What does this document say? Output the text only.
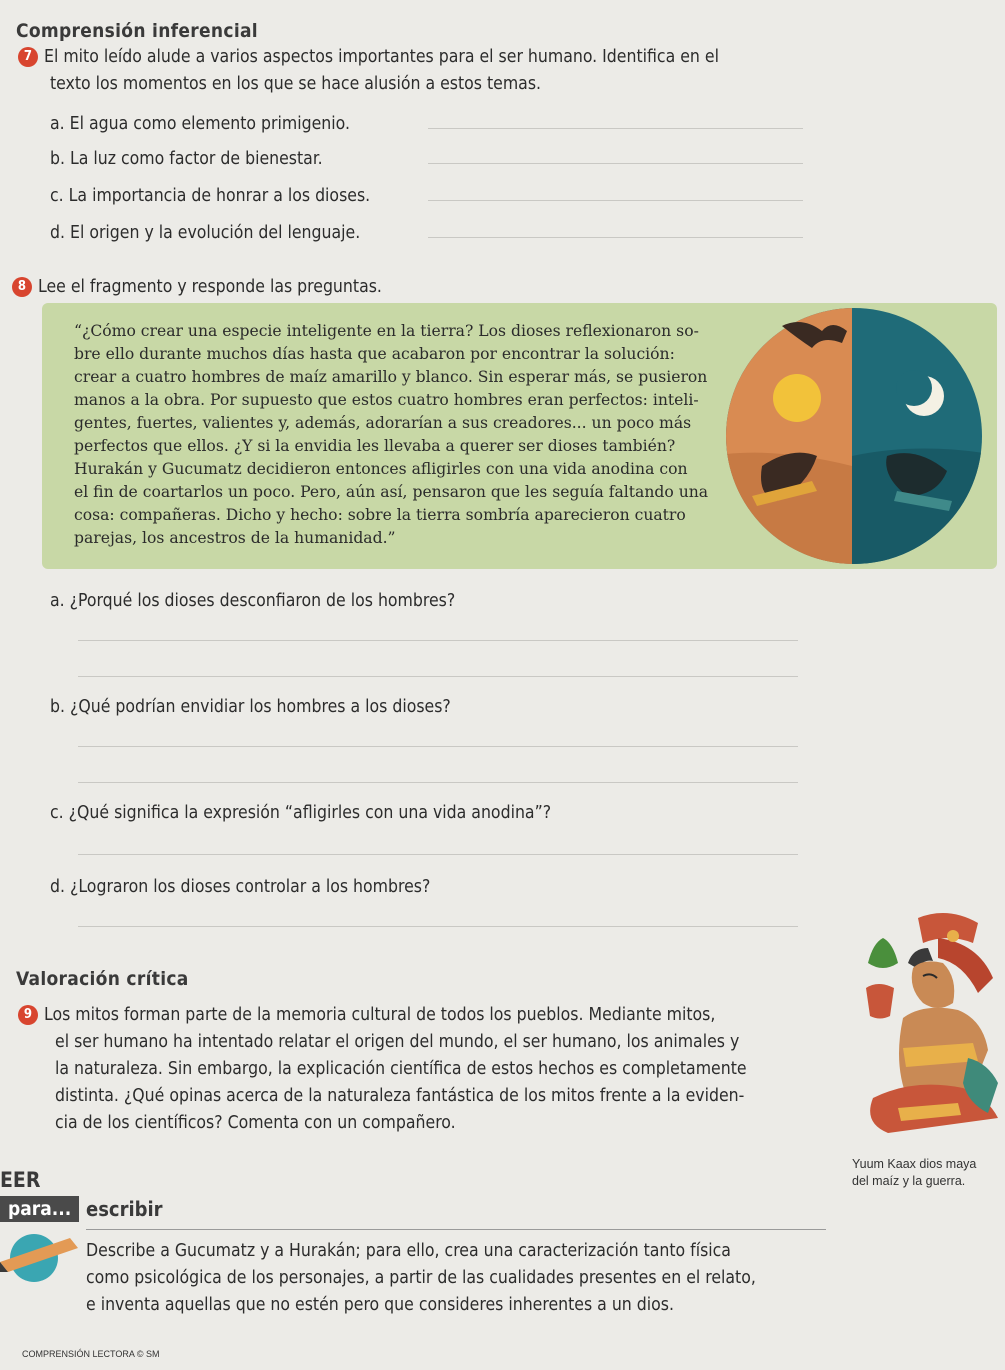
Comprensión inferencial
7 El mito leído alude a varios aspectos importantes para el ser humano. Identifica en el
texto los momentos en los que se hace alusión a estos temas.
a. El agua como elemento primigenio.
b. La luz como factor de bienestar.
c. La importancia de honrar a los dioses.
d. El origen y la evolución del lenguaje.
8 Lee el fragmento y responde las preguntas.
“¿Cómo crear una especie inteligente en la tierra? Los dioses reflexionaron so-
bre ello durante muchos días hasta que acabaron por encontrar la solución:
crear a cuatro hombres de maíz amarillo y blanco. Sin esperar más, se pusieron
manos a la obra. Por supuesto que estos cuatro hombres eran perfectos: inteli-
gentes, fuertes, valientes y, además, adorarían a sus creadores... un poco más
perfectos que ellos. ¿Y si la envidia les llevaba a querer ser dioses también?
Hurakán y Gucumatz decidieron entonces afligirles con una vida anodina con
el fin de coartarlos un poco. Pero, aún así, pensaron que les seguía faltando una
cosa: compañeras. Dicho y hecho: sobre la tierra sombría aparecieron cuatro
parejas, los ancestros de la humanidad.”
a. ¿Porqué los dioses desconfiaron de los hombres?
b. ¿Qué podrían envidiar los hombres a los dioses?
c. ¿Qué significa la expresión “afligirles con una vida anodina”?
d. ¿Lograron los dioses controlar a los hombres?
Valoración crítica
9 Los mitos forman parte de la memoria cultural de todos los pueblos. Mediante mitos,
el ser humano ha intentado relatar el origen del mundo, el ser humano, los animales y
la naturaleza. Sin embargo, la explicación científica de estos hechos es completamente
distinta. ¿Qué opinas acerca de la naturaleza fantástica de los mitos frente a la eviden-
cia de los científicos? Comenta con un compañero.
Yuum Kaax dios maya
del maíz y la guerra.
EER
para... escribir
Describe a Gucumatz y a Hurakán; para ello, crea una caracterización tanto física
como psicológica de los personajes, a partir de las cualidades presentes en el relato,
e inventa aquellas que no estén pero que consideres inherentes a un dios.
COMPRENSIÓN LECTORA © SM
